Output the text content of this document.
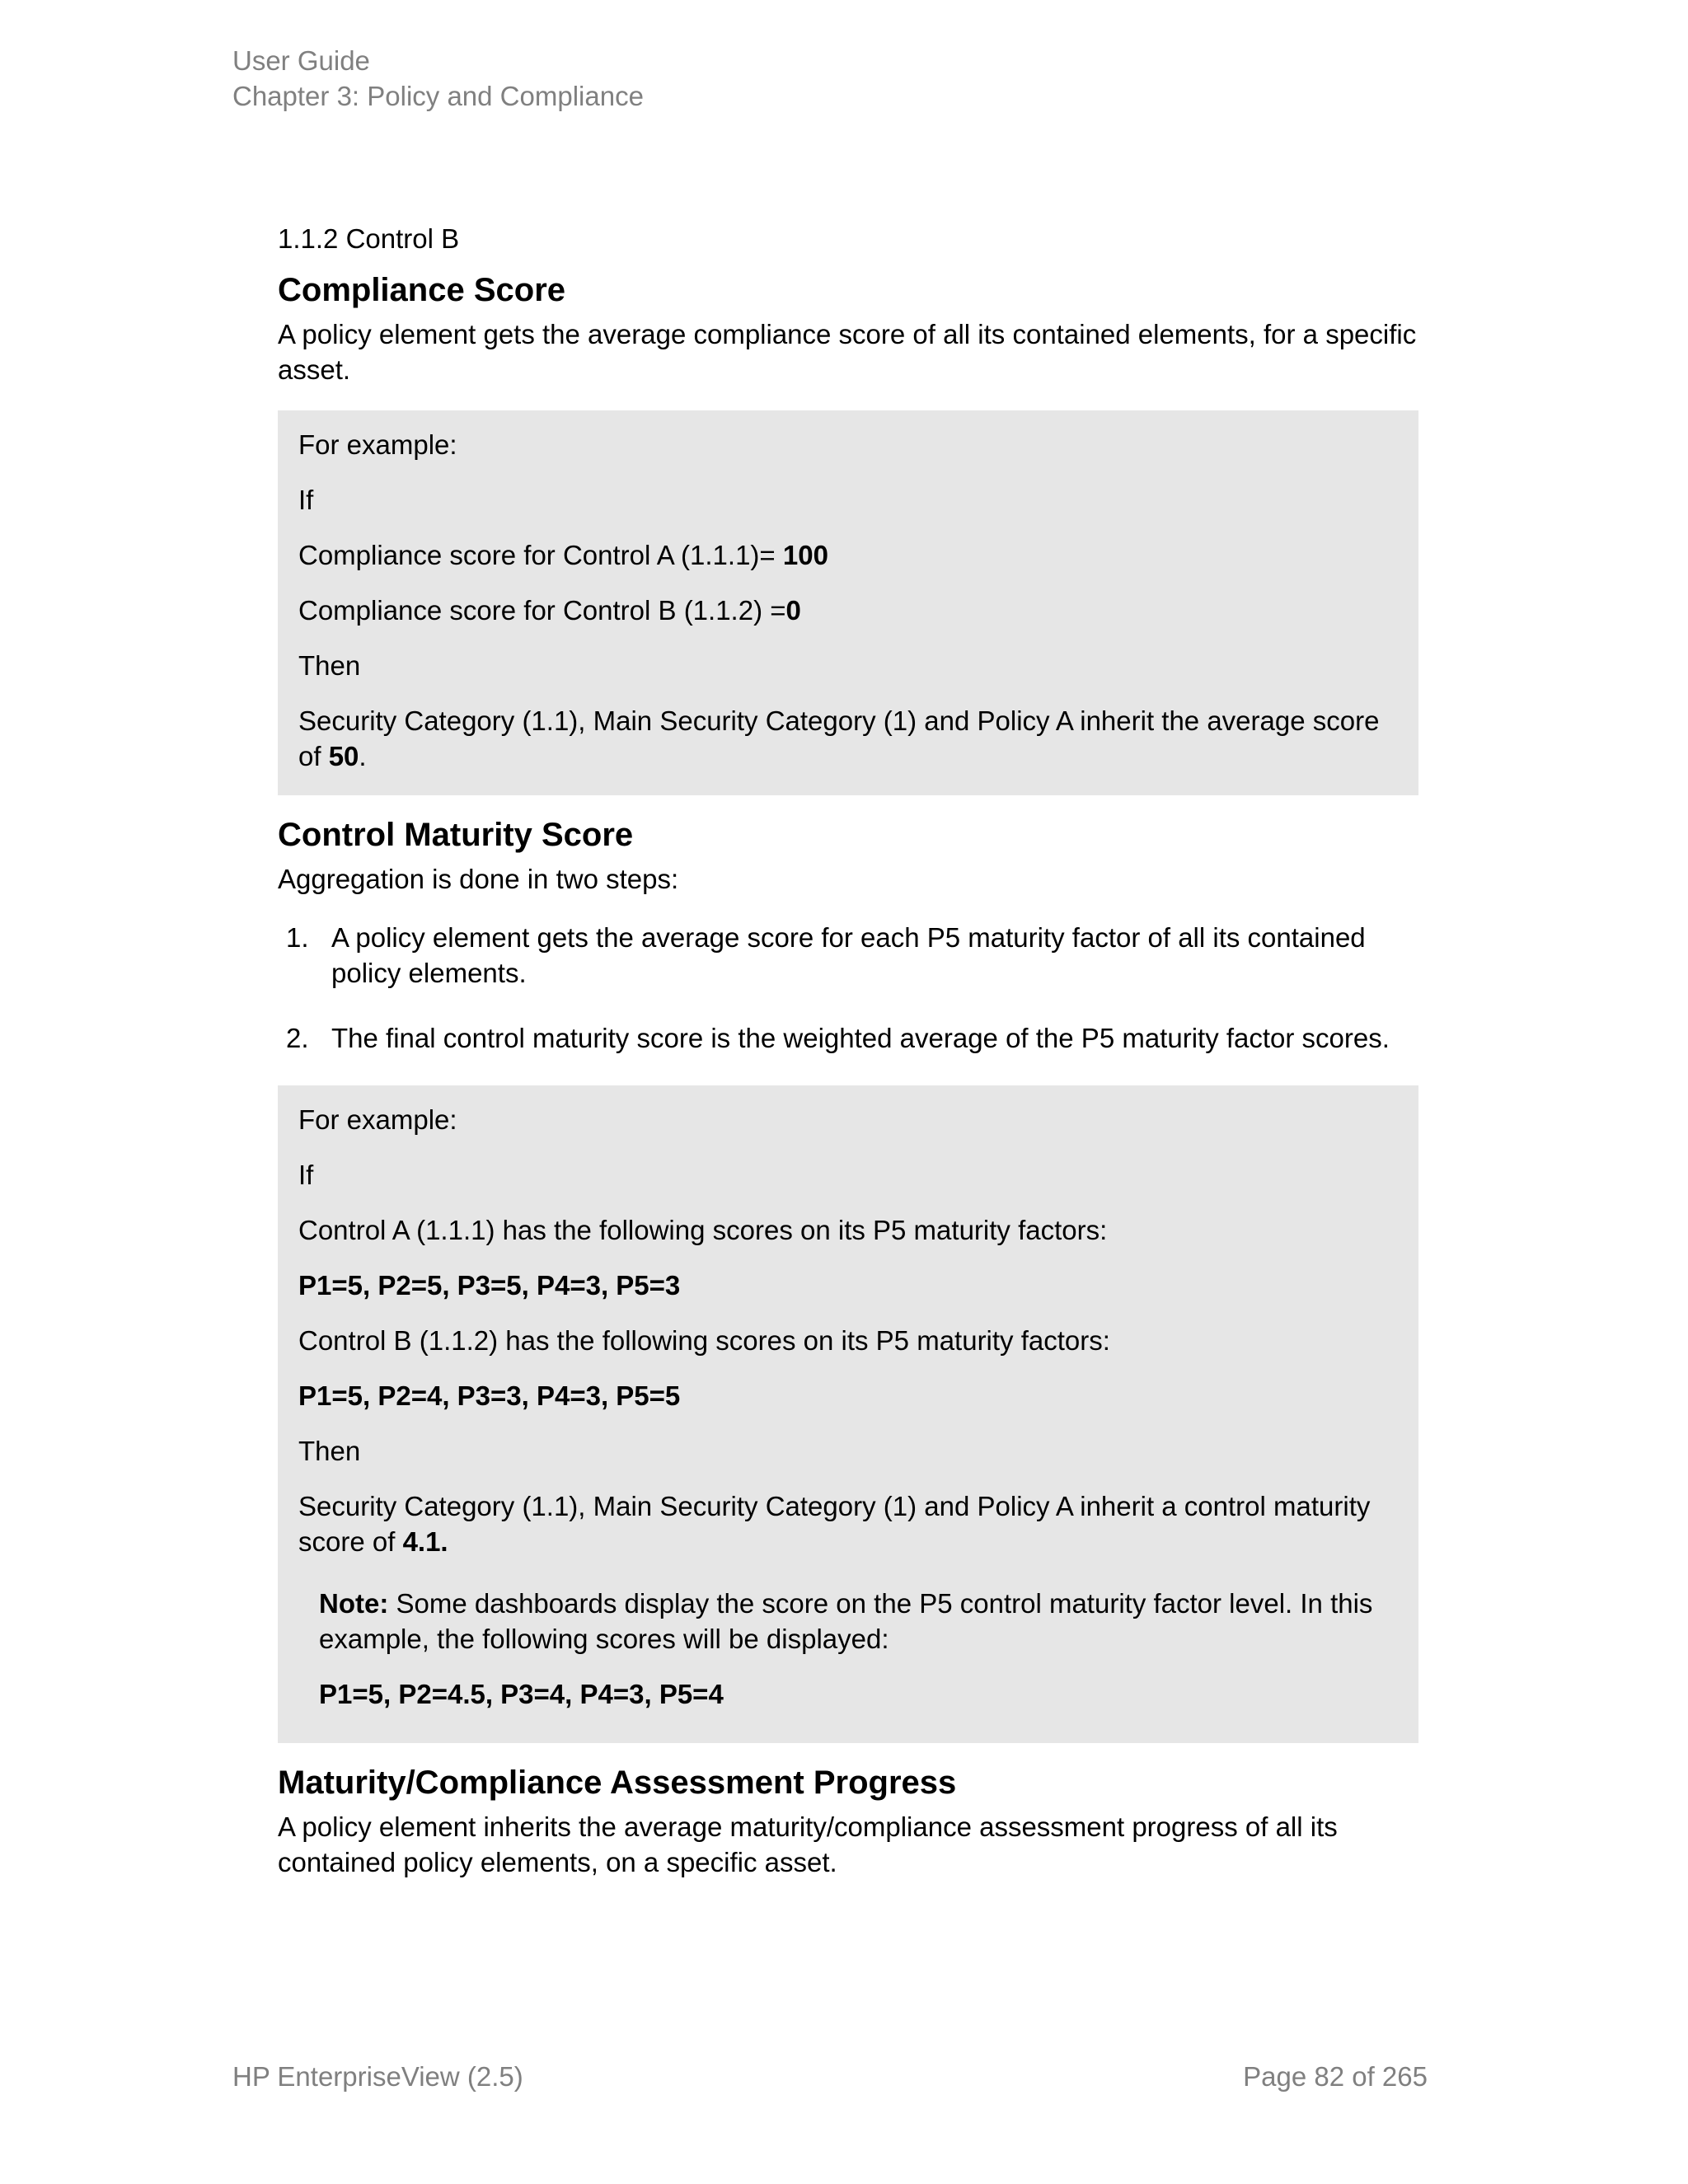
User Guide
Chapter 3: Policy and Compliance
1.1.2 Control B
Compliance Score

A policy element gets the average compliance score of all its contained elements, for a specific asset.

For example:

If

Compliance score for Control A (1.1.1)= 100

Compliance score for Control B (1.1.2) =0

Then

Security Category (1.1), Main Security Category (1) and Policy A inherit the average score of 50.

Control Maturity Score

Aggregation is done in two steps:

1. A policy element gets the average score for each P5 maturity factor of all its contained policy elements.
2. The final control maturity score is the weighted average of the P5 maturity factor scores.

For example:

If

Control A (1.1.1) has the following scores on its P5 maturity factors:

P1=5, P2=5, P3=5, P4=3, P5=3

Control B (1.1.2) has the following scores on its P5 maturity factors:

P1=5, P2=4, P3=3, P4=3, P5=5

Then

Security Category (1.1), Main Security Category (1) and Policy A inherit a control maturity score of 4.1.

Note: Some dashboards display the score on the P5 control maturity factor level. In this example, the following scores will be displayed:

P1=5, P2=4.5, P3=4, P4=3, P5=4

Maturity/Compliance Assessment Progress

A policy element inherits the average maturity/compliance assessment progress of all its contained policy elements, on a specific asset.

HP EnterpriseView (2.5)	Page 82 of 265
